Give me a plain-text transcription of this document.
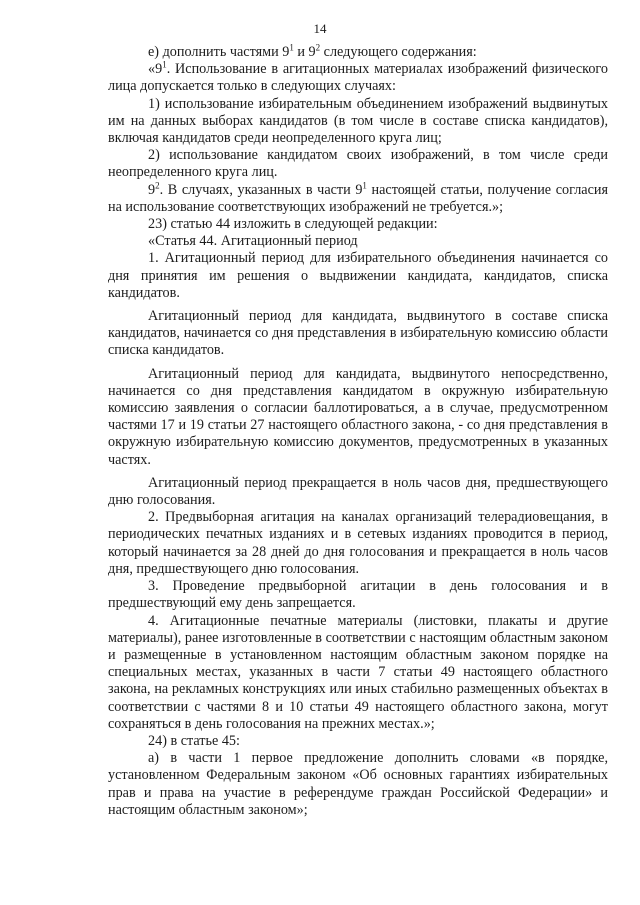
14

е) дополнить частями $9^1$ и $9^2$ следующего содержания:

«$9^1$. Использование в агитационных материалах изображений физического лица допускается только в следующих случаях:

1) использование избирательным объединением изображений выдвинутых им на данных выборах кандидатов (в том числе в составе списка кандидатов), включая кандидатов среди неопределенного круга лиц;

2) использование кандидатом своих изображений, в том числе среди неопределенного круга лиц.

$9^2$. В случаях, указанных в части $9^1$ настоящей статьи, получение согласия на использование соответствующих изображений не требуется.»;

23) статью 44 изложить в следующей редакции:

«Статья 44. Агитационный период

1. Агитационный период для избирательного объединения начинается со дня принятия им решения о выдвижении кандидата, кандидатов, списка кандидатов.

Агитационный период для кандидата, выдвинутого в составе списка кандидатов, начинается со дня представления в избирательную комиссию области списка кандидатов.

Агитационный период для кандидата, выдвинутого непосредственно, начинается со дня представления кандидатом в окружную избирательную комиссию заявления о согласии баллотироваться, а в случае, предусмотренном частями 17 и 19 статьи 27 настоящего областного закона, - со дня представления в окружную избирательную комиссию документов, предусмотренных в указанных частях.

Агитационный период прекращается в ноль часов дня, предшествующего дню голосования.

2. Предвыборная агитация на каналах организаций телерадиовещания, в периодических печатных изданиях и в сетевых изданиях проводится в период, который начинается за 28 дней до дня голосования и прекращается в ноль часов дня, предшествующего дню голосования.

3. Проведение предвыборной агитации в день голосования и в предшествующий ему день запрещается.

4. Агитационные печатные материалы (листовки, плакаты и другие материалы), ранее изготовленные в соответствии с настоящим областным законом и размещенные в установленном настоящим областным законом порядке на специальных местах, указанных в части 7 статьи 49 настоящего областного закона, на рекламных конструкциях или иных стабильно размещенных объектах в соответствии с частями 8 и 10 статьи 49 настоящего областного закона, могут сохраняться в день голосования на прежних местах.»;

24) в статье 45:

а) в части 1 первое предложение дополнить словами «в порядке, установленном Федеральным законом «Об основных гарантиях избирательных прав и права на участие в референдуме граждан Российской Федерации» и настоящим областным законом»;
